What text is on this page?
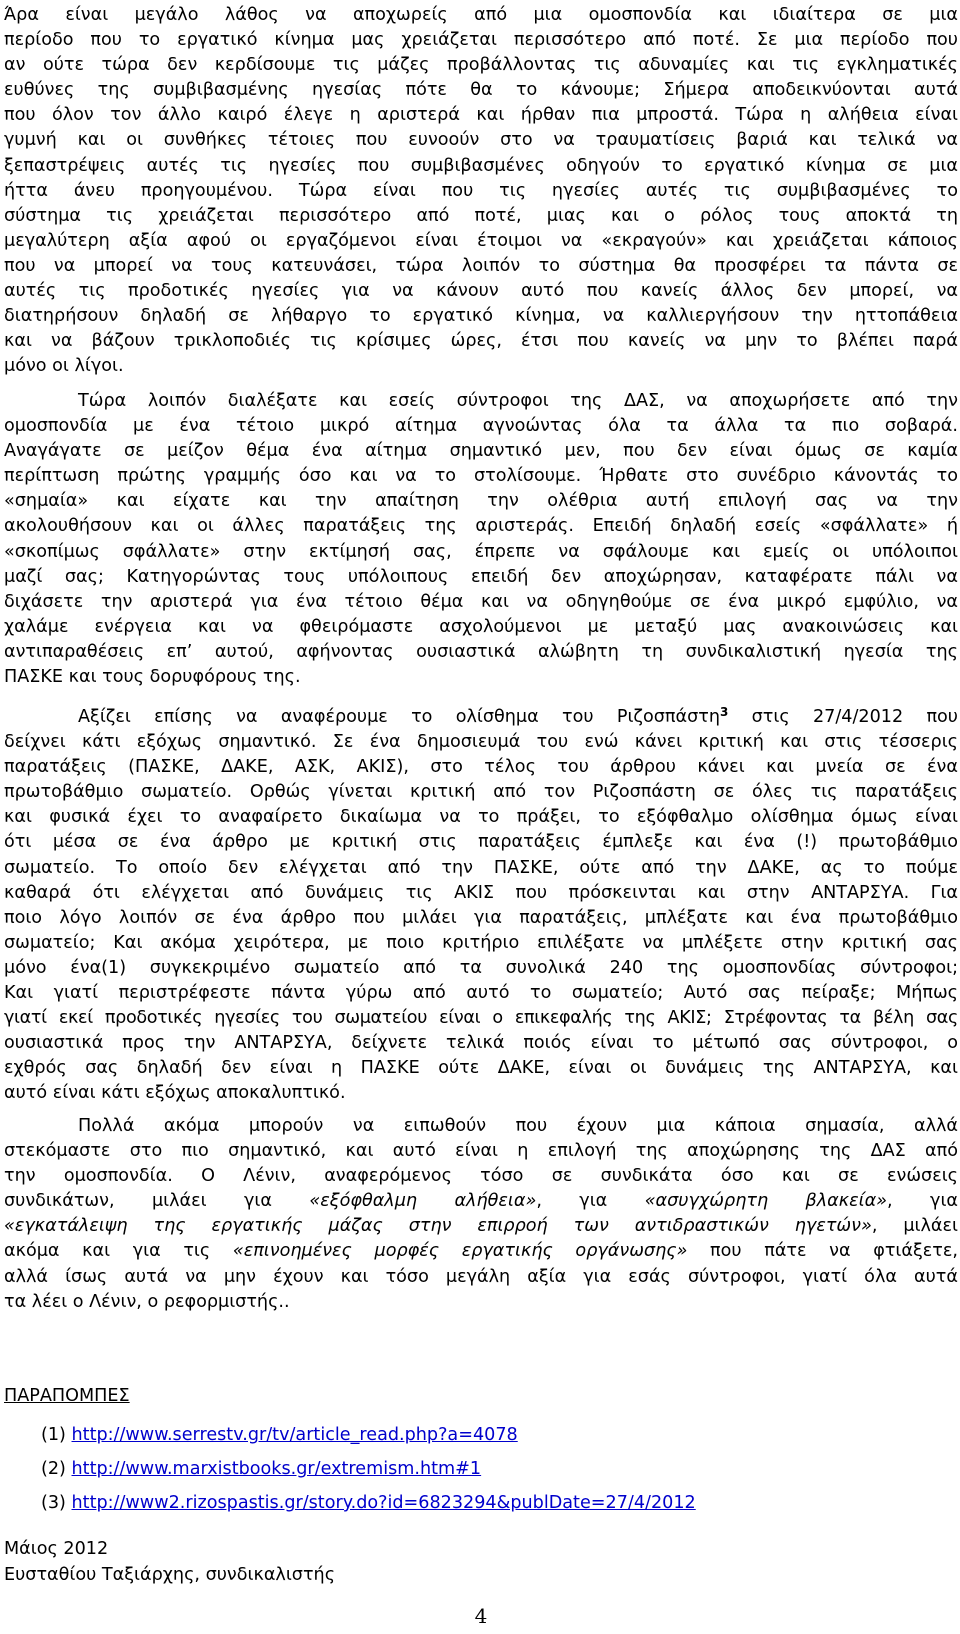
Άρα είναι μεγάλο λάθος να αποχωρείς από μια ομοσπονδία και ιδιαίτερα σε μια
περίοδο που το εργατικό κίνημα μας χρειάζεται περισσότερο από ποτέ. Σε μια περίοδο που
αν ούτε τώρα δεν κερδίσουμε τις μάζες προβάλλοντας τις αδυναμίες και τις εγκληματικές
ευθύνες της συμβιβασμένης ηγεσίας πότε θα το κάνουμε; Σήμερα αποδεικνύονται αυτά
που όλον τον άλλο καιρό έλεγε η αριστερά και ήρθαν πια μπροστά. Τώρα η αλήθεια είναι
γυμνή και οι συνθήκες τέτοιες που ευνοούν στο να τραυματίσεις βαριά και τελικά να
ξεπαστρέψεις αυτές τις ηγεσίες που συμβιβασμένες οδηγούν το εργατικό κίνημα σε μια
ήττα άνευ προηγουμένου. Τώρα είναι που τις ηγεσίες αυτές τις συμβιβασμένες το
σύστημα τις χρειάζεται περισσότερο από ποτέ, μιας και ο ρόλος τους αποκτά τη
μεγαλύτερη αξία αφού οι εργαζόμενοι είναι έτοιμοι να «εκραγούν» και χρειάζεται κάποιος
που να μπορεί να τους κατευνάσει, τώρα λοιπόν το σύστημα θα προσφέρει τα πάντα σε
αυτές τις προδοτικές ηγεσίες για να κάνουν αυτό που κανείς άλλος δεν μπορεί, να
διατηρήσουν δηλαδή σε λήθαργο το εργατικό κίνημα, να καλλιεργήσουν την ηττοπάθεια
και να βάζουν τρικλοποδιές τις κρίσιμες ώρες, έτσι που κανείς να μην το βλέπει παρά
μόνο οι λίγοι.
Τώρα λοιπόν διαλέξατε και εσείς σύντροφοι της ΔΑΣ, να αποχωρήσετε από την
ομοσπονδία με ένα τέτοιο μικρό αίτημα αγνοώντας όλα τα άλλα τα πιο σοβαρά.
Αναγάγατε σε μείζον θέμα ένα αίτημα σημαντικό μεν, που δεν είναι όμως σε καμία
περίπτωση πρώτης γραμμής όσο και να το στολίσουμε. Ήρθατε στο συνέδριο κάνοντάς το
«σημαία» και είχατε και την απαίτηση την ολέθρια αυτή επιλογή σας να την
ακολουθήσουν και οι άλλες παρατάξεις της αριστεράς. Επειδή δηλαδή εσείς «σφάλλατε» ή
«σκοπίμως σφάλλατε» στην εκτίμησή σας, έπρεπε να σφάλουμε και εμείς οι υπόλοιποι
μαζί σας; Κατηγορώντας τους υπόλοιπους επειδή δεν αποχώρησαν, καταφέρατε πάλι να
διχάσετε την αριστερά για ένα τέτοιο θέμα και να οδηγηθούμε σε ένα μικρό εμφύλιο, να
χαλάμε ενέργεια και να φθειρόμαστε ασχολούμενοι με μεταξύ μας ανακοινώσεις και
αντιπαραθέσεις επ’ αυτού, αφήνοντας ουσιαστικά αλώβητη τη συνδικαλιστική ηγεσία της
ΠΑΣΚΕ και τους δορυφόρους της.
Αξίζει επίσης να αναφέρουμε το ολίσθημα του Ριζοσπάστη$^3$ στις 27/4/2012 που
δείχνει κάτι εξόχως σημαντικό. Σε ένα δημοσιευμά του ενώ κάνει κριτική και στις τέσσερις
παρατάξεις (ΠΑΣΚΕ, ΔΑΚΕ, ΑΣΚ, ΑΚΙΣ), στο τέλος του άρθρου κάνει και μνεία σε ένα
πρωτοβάθμιο σωματείο. Ορθώς γίνεται κριτική από τον Ριζοσπάστη σε όλες τις παρατάξεις
και φυσικά έχει το αναφαίρετο δικαίωμα να το πράξει, το εξόφθαλμο ολίσθημα όμως είναι
ότι μέσα σε ένα άρθρο με κριτική στις παρατάξεις έμπλεξε και ένα (!) πρωτοβάθμιο
σωματείο. Το οποίο δεν ελέγχεται από την ΠΑΣΚΕ, ούτε από την ΔΑΚΕ, ας το πούμε
καθαρά ότι ελέγχεται από δυνάμεις τις ΑΚΙΣ που πρόσκεινται και στην ΑΝΤΑΡΣΥΑ. Για
ποιο λόγο λοιπόν σε ένα άρθρο που μιλάει για παρατάξεις, μπλέξατε και ένα πρωτοβάθμιο
σωματείο; Και ακόμα χειρότερα, με ποιο κριτήριο επιλέξατε να μπλέξετε στην κριτική σας
μόνο ένα(1) συγκεκριμένο σωματείο από τα συνολικά 240 της ομοσπονδίας σύντροφοι;
Και γιατί περιστρέφεστε πάντα γύρω από αυτό το σωματείο; Αυτό σας πείραξε; Μήπως
γιατί εκεί προδοτικές ηγεσίες του σωματείου είναι ο επικεφαλής της ΑΚΙΣ; Στρέφοντας τα βέλη σας
ουσιαστικά προς την ΑΝΤΑΡΣΥΑ, δείχνετε τελικά ποιός είναι το μέτωπό σας σύντροφοι, ο
εχθρός σας δηλαδή δεν είναι η ΠΑΣΚΕ ούτε ΔΑΚΕ, είναι οι δυνάμεις της ΑΝΤΑΡΣΥΑ, και
αυτό είναι κάτι εξόχως αποκαλυπτικό.
Πολλά ακόμα μπορούν να ειπωθούν που έχουν μια κάποια σημασία, αλλά
στεκόμαστε στο πιο σημαντικό, και αυτό είναι η επιλογή της αποχώρησης της ΔΑΣ από
την ομοσπονδία. Ο Λένιν, αναφερόμενος τόσο σε συνδικάτα όσο και σε ενώσεις
συνδικάτων, μιλάει για «εξόφθαλμη αλήθεια», για «ασυγχώρητη βλακεία», για
«εγκατάλειψη της εργατικής μάζας στην επιρροή των αντιδραστικών ηγετών», μιλάει
ακόμα και για τις «επινοημένες μορφές εργατικής οργάνωσης» που πάτε να φτιάξετε,
αλλά ίσως αυτά να μην έχουν και τόσο μεγάλη αξία για εσάς σύντροφοι, γιατί όλα αυτά
τα λέει ο Λένιν, ο ρεφορμιστής..
ΠΑΡΑΠΟΜΠΕΣ
(1) http://www.serrestv.gr/tv/article_read.php?a=4078
(2) http://www.marxistbooks.gr/extremism.htm#1
(3) http://www2.rizospastis.gr/story.do?id=6823294&publDate=27/4/2012
Μάιος 2012
Ευσταθίου Ταξιάρχης, συνδικαλιστής
4
